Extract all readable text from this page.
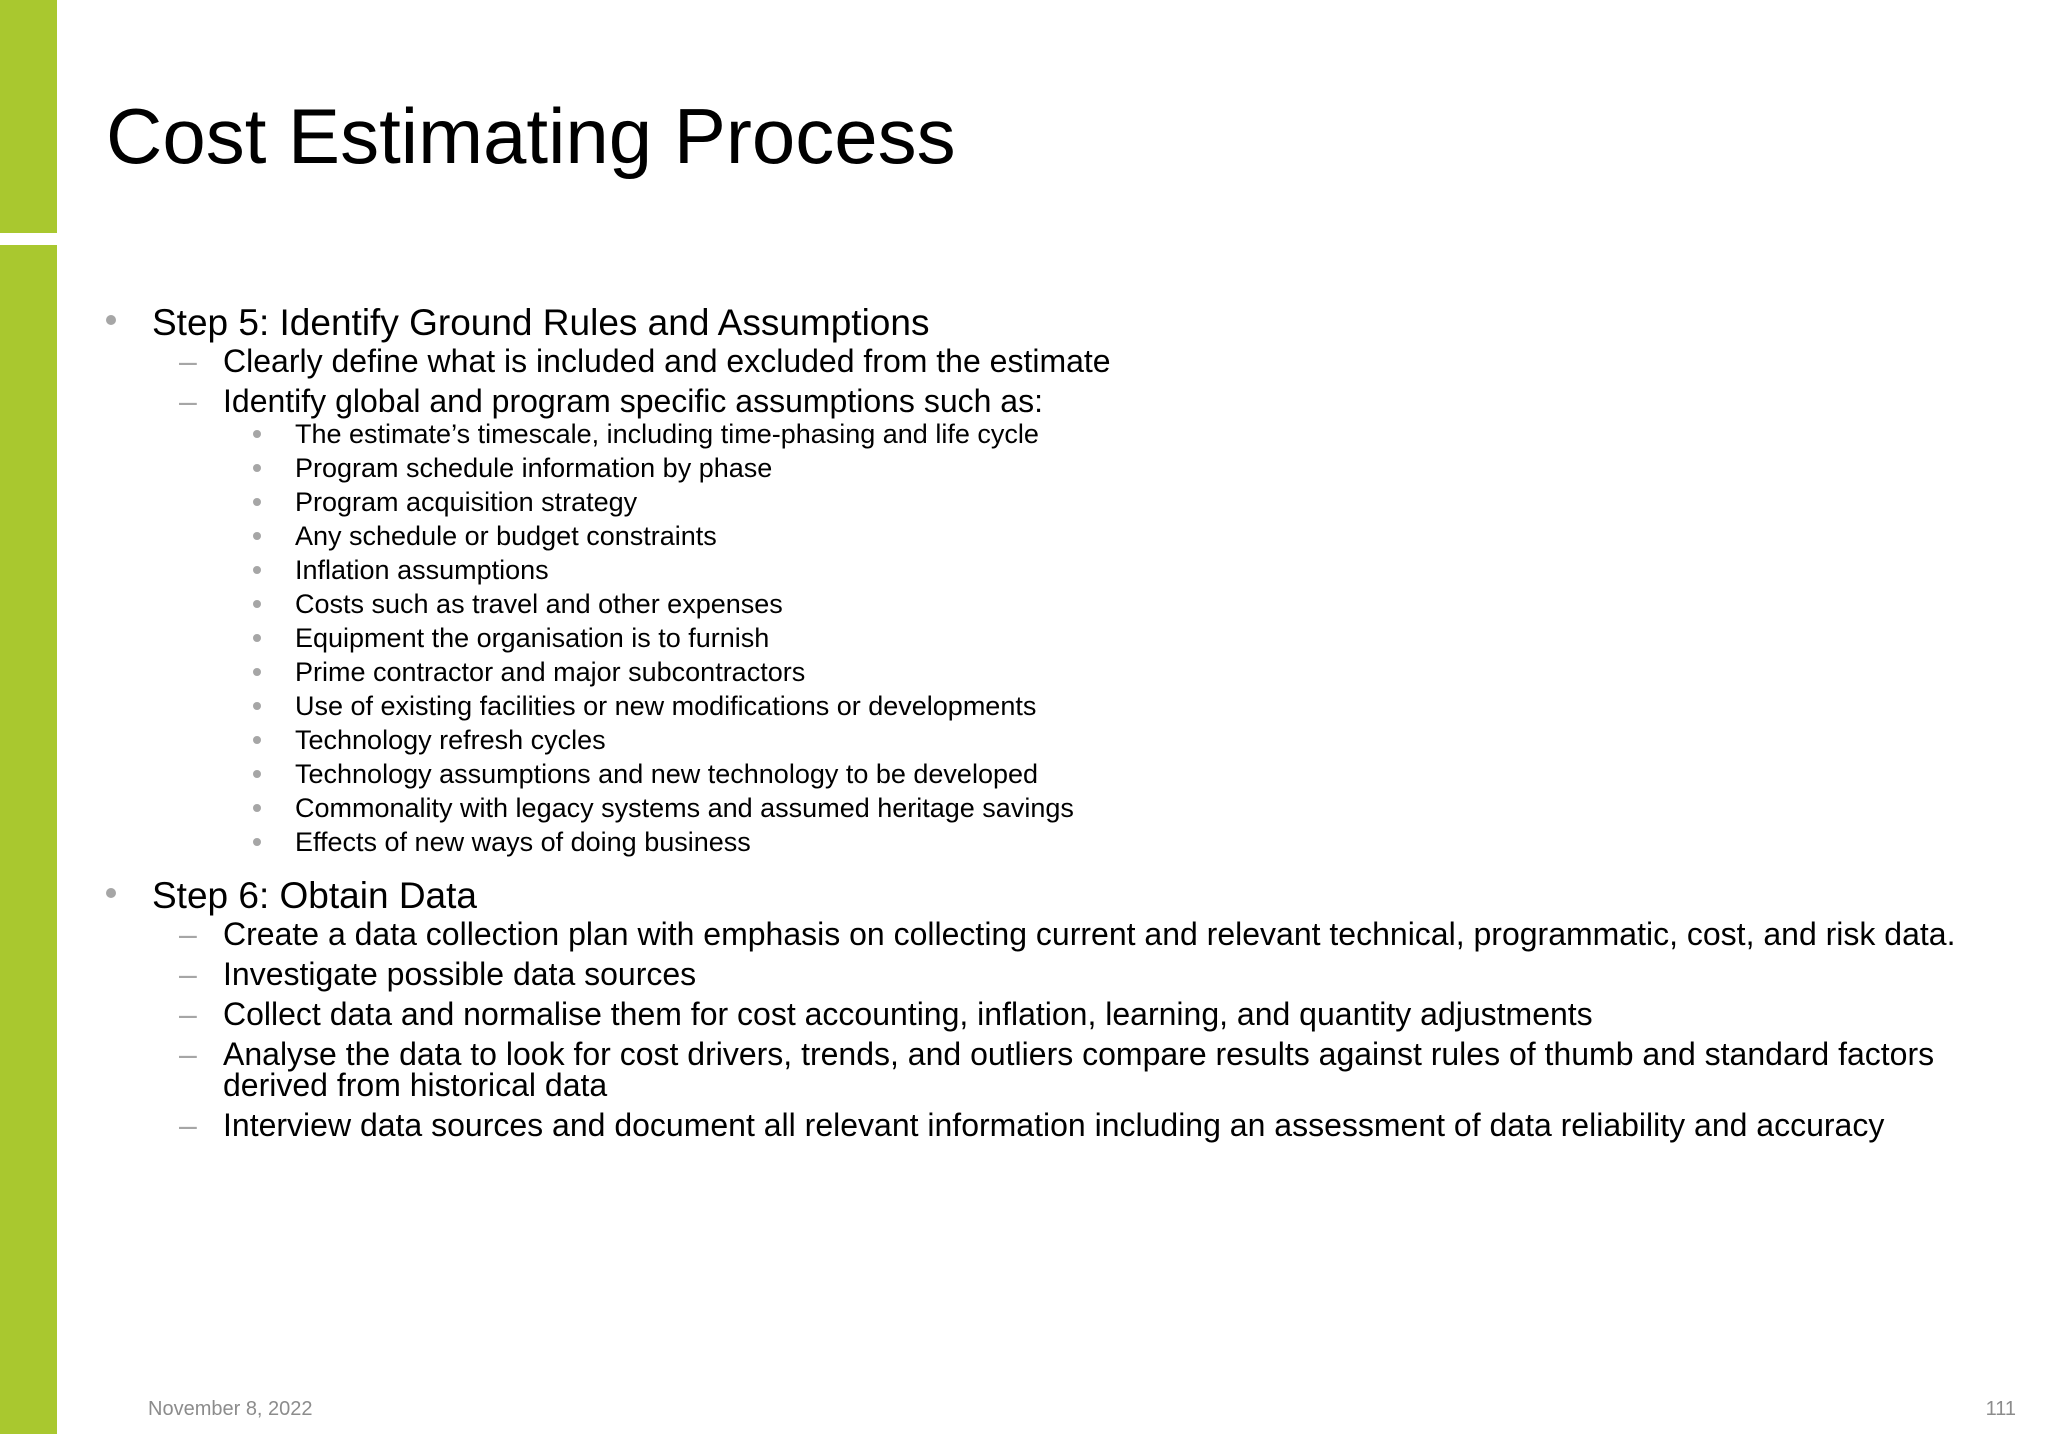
Cost Estimating Process
Step 5: Identify Ground Rules and Assumptions
– Clearly define what is included and excluded from the estimate
– Identify global and program specific assumptions such as:
The estimate’s timescale, including time-phasing and life cycle
Program schedule information by phase
Program acquisition strategy
Any schedule or budget constraints
Inflation assumptions
Costs such as travel and other expenses
Equipment the organisation is to furnish
Prime contractor and major subcontractors
Use of existing facilities or new modifications or developments
Technology refresh cycles
Technology assumptions and new technology to be developed
Commonality with legacy systems and assumed heritage savings
Effects of new ways of doing business
Step 6: Obtain Data
– Create a data collection plan with emphasis on collecting current and relevant technical, programmatic, cost, and risk data.
– Investigate possible data sources
– Collect data and normalise them for cost accounting, inflation, learning, and quantity adjustments
– Analyse the data to look for cost drivers, trends, and outliers compare results against rules of thumb and standard factors derived from historical data
– Interview data sources and document all relevant information including an assessment of data reliability and accuracy
November 8, 2022	111
